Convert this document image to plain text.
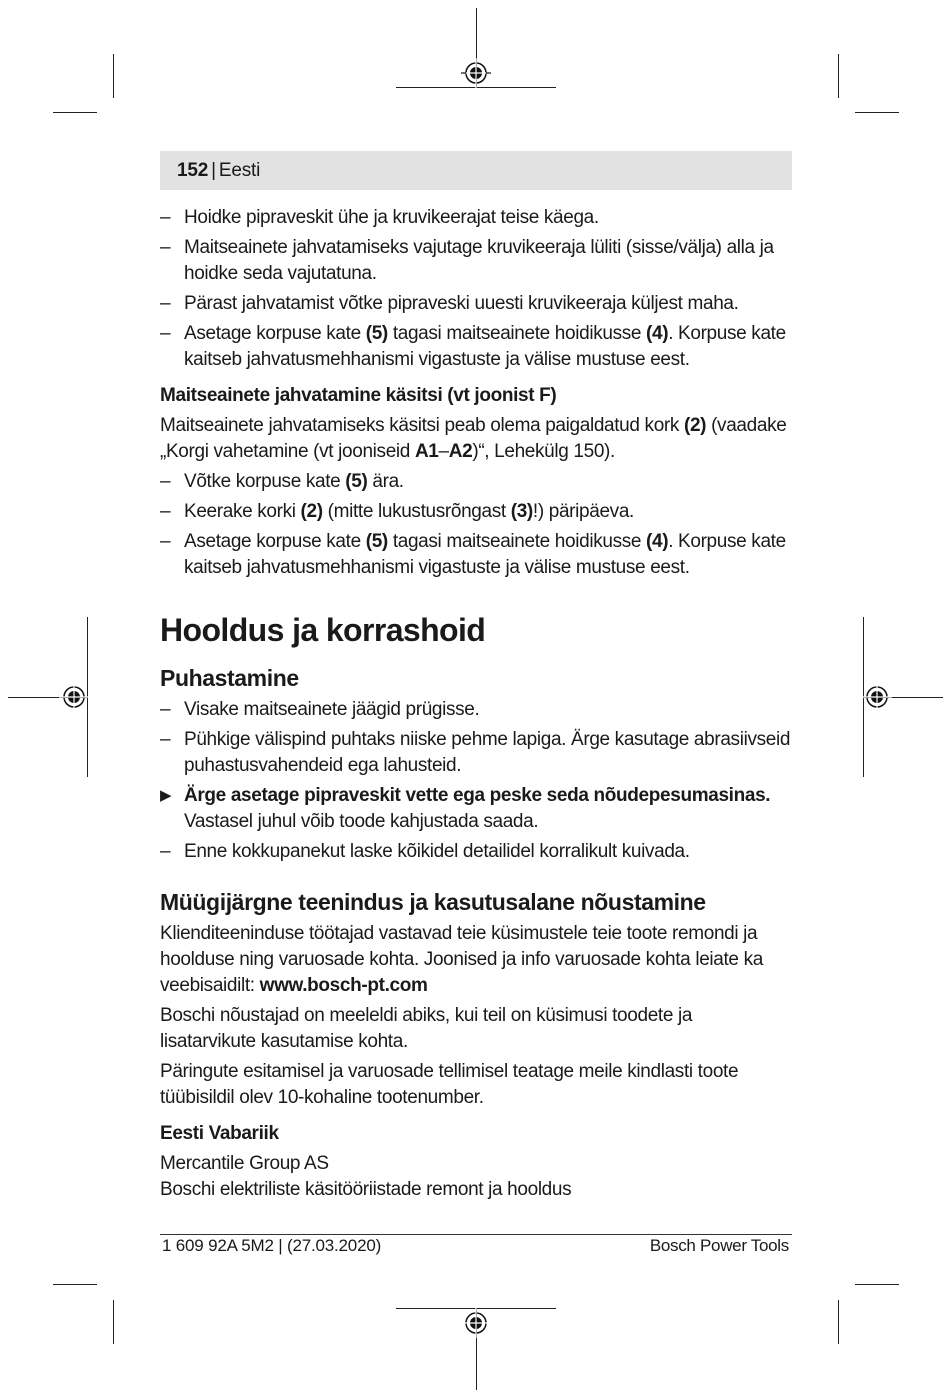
152 | Eesti
– Hoidke pipraveskit ühe ja kruvikeerajat teise käega.
– Maitseainete jahvatamiseks vajutage kruvikeeraja lüliti (sisse/välja) alla ja hoidke seda vajutatuna.
– Pärast jahvatamist võtke pipraveski uuesti kruvikeeraja küljest maha.
– Asetage korpuse kate (5) tagasi maitseainete hoidikusse (4). Korpuse kate kaitseb jahvatusmehhanismi vigastuste ja välise mustuse eest.
Maitseainete jahvatamine käsitsi (vt joonist F)

Maitseainete jahvatamiseks käsitsi peab olema paigaldatud kork (2) (vaadake „Korgi vahetamine (vt jooniseid A1–A2)“, Lehekülg 150).

– Võtke korpuse kate (5) ära.
– Keerake korki (2) (mitte lukustusrõngast (3)!) päripäeva.
– Asetage korpuse kate (5) tagasi maitseainete hoidikusse (4). Korpuse kate kaitseb jahvatusmehhanismi vigastuste ja välise mustuse eest.
Hooldus ja korrashoid
Puhastamine
– Visake maitseainete jäägid prügisse.
– Pühkige välispind puhtaks niiske pehme lapiga. Ärge kasutage abrasiivseid puhastusvahendeid ega lahusteid.
▶ Ärge asetage pipraveskit vette ega peske seda nõudepesumasinas.
Vastasel juhul võib toode kahjustada saada.
– Enne kokkupanekut laske kõikidel detailidel korralikult kuivada.
Müügijärgne teenindus ja kasutusalane nõustamine

Klienditeeninduse töötajad vastavad teie küsimustele teie toote remondi ja hoolduse ning varuosade kohta. Joonised ja info varuosade kohta leiate ka veebisaidilt: www.bosch-pt.com

Boschi nõustajad on meeleldi abiks, kui teil on küsimusi toodete ja lisatarvikute kasutamise kohta.

Päringute esitamisel ja varuosade tellimisel teatage meile kindlasti toote tüübisildil olev 10-kohaline tootenumber.

Eesti Vabariik
Mercantile Group AS
Boschi elektriliste käsitööriistade remont ja hooldus
1 609 92A 5M2 | (27.03.2020)	Bosch Power Tools
